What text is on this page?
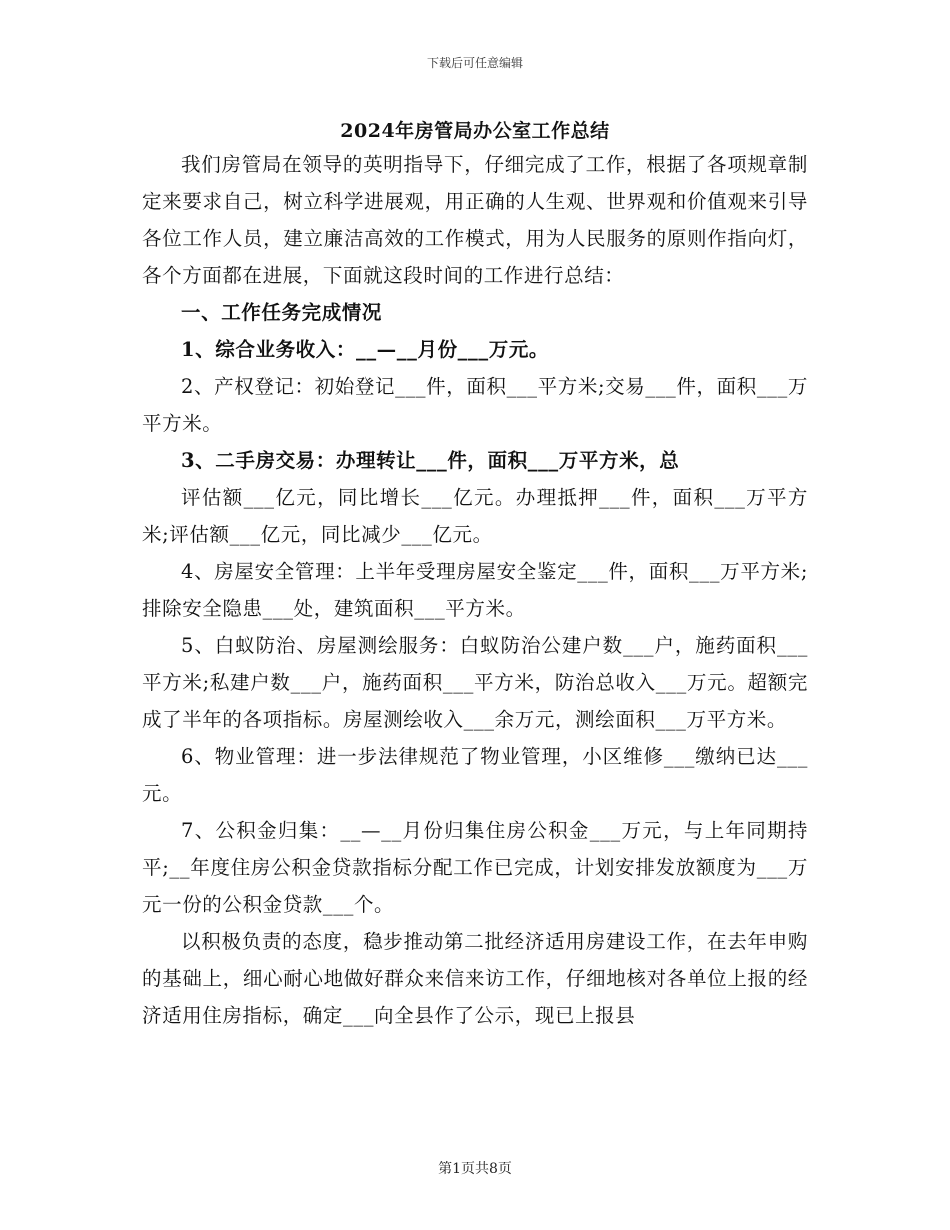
下载后可任意编辑
2024年房管局办公室工作总结

我们房管局在领导的英明指导下，仔细完成了工作，根据了各项规章制定来要求自己，树立科学进展观，用正确的人生观、世界观和价值观来引导各位工作人员，建立廉洁高效的工作模式，用为人民服务的原则作指向灯，各个方面都在进展，下面就这段时间的工作进行总结：

一、工作任务完成情况

1、综合业务收入：__—__月份___万元。

2、产权登记：初始登记___件，面积___平方米;交易___件，面积___万平方米。

3、二手房交易：办理转让___件，面积___万平方米，总

评估额___亿元，同比增长___亿元。办理抵押___件，面积___万平方米;评估额___亿元，同比减少___亿元。

4、房屋安全管理：上半年受理房屋安全鉴定___件，面积___万平方米;排除安全隐患___处，建筑面积___平方米。

5、白蚁防治、房屋测绘服务：白蚁防治公建户数___户，施药面积___平方米;私建户数___户，施药面积___平方米，防治总收入___万元。超额完成了半年的各项指标。房屋测绘收入___余万元，测绘面积___万平方米。

6、物业管理：进一步法律规范了物业管理，小区维修___缴纳已达___元。

7、公积金归集：__—__月份归集住房公积金___万元，与上年同期持平;__年度住房公积金贷款指标分配工作已完成，计划安排发放额度为___万元一份的公积金贷款___个。

以积极负责的态度，稳步推动第二批经济适用房建设工作，在去年申购的基础上，细心耐心地做好群众来信来访工作，仔细地核对各单位上报的经济适用住房指标，确定___向全县作了公示，现已上报县

第1页共8页
